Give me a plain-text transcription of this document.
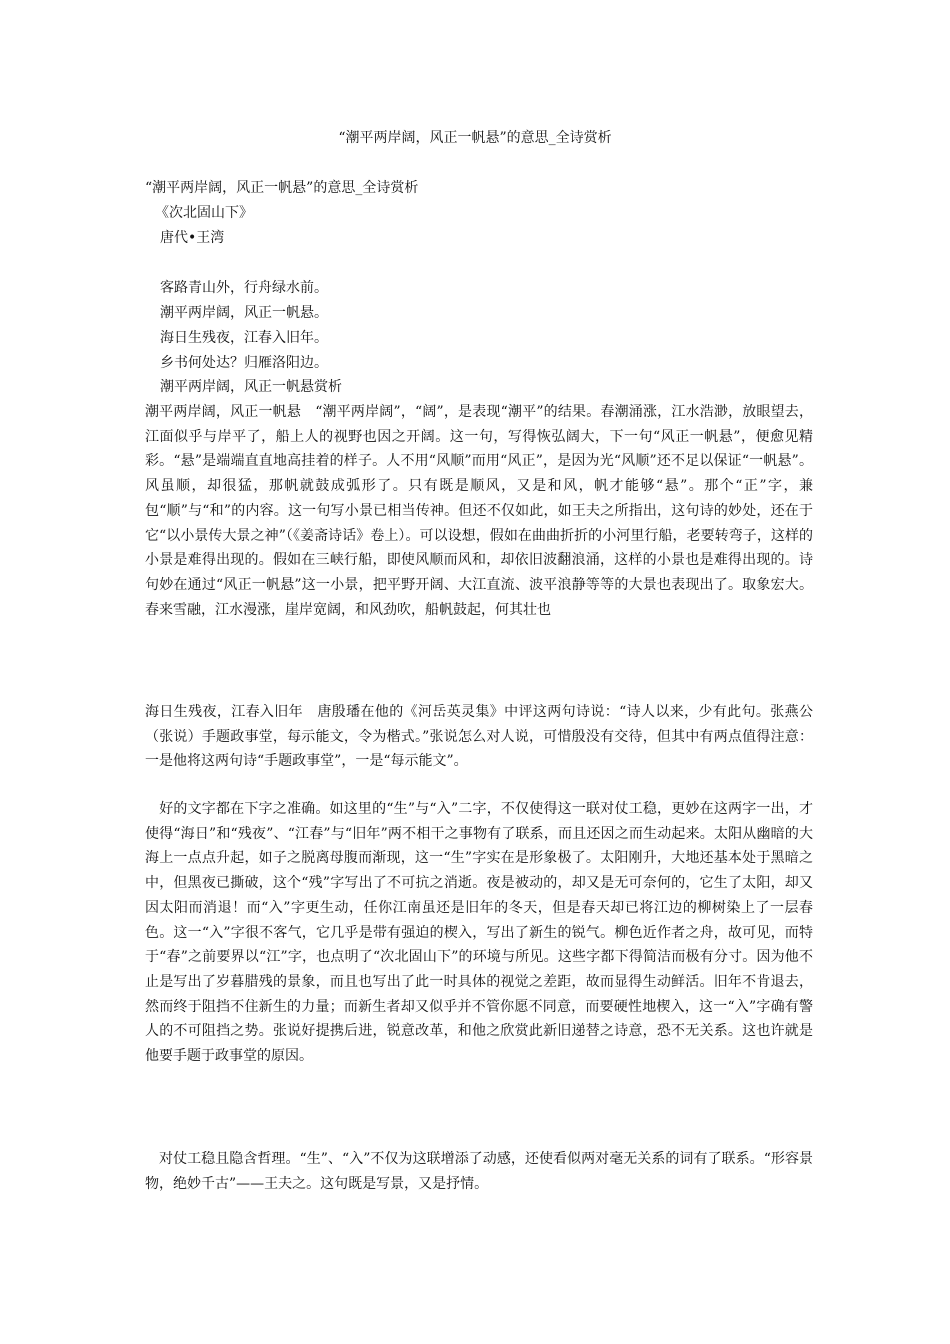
“潮平两岸阔，风正一帆悬”的意思_全诗赏析
“潮平两岸阔，风正一帆悬”的意思_全诗赏析
《次北固山下》
唐代•王湾
客路青山外，行舟绿水前。
潮平两岸阔，风正一帆悬。
海日生残夜，江春入旧年。
乡书何处达？归雁洛阳边。
潮平两岸阔，风正一帆悬赏析
潮平两岸阔，风正一帆悬　“潮平两岸阔”，“阔”，是表现“潮平”的结果。春潮涌涨，江水浩渺，放眼望去，江面似乎与岸平了，船上人的视野也因之开阔。这一句，写得恢弘阔大，下一句“风正一帆悬”，便愈见精彩。“悬”是端端直直地高挂着的样子。人不用“风顺”而用“风正”，是因为光“风顺”还不足以保证“一帆悬”。风虽顺，却很猛，那帆就鼓成弧形了。只有既是顺风，又是和风，帆才能够“悬”。那个“正”字，兼包“顺”与“和”的内容。这一句写小景已相当传神。但还不仅如此，如王夫之所指出，这句诗的妙处，还在于它“以小景传大景之神”（《姜斋诗话》卷上）。可以设想，假如在曲曲折折的小河里行船，老要转弯子，这样的小景是难得出现的。假如在三峡行船，即使风顺而风和，却依旧波翻浪涌，这样的小景也是难得出现的。诗句妙在通过“风正一帆悬”这一小景，把平野开阔、大江直流、波平浪静等等的大景也表现出了。取象宏大。春来雪融，江水漫涨，崖岸宽阔，和风劲吹，船帆鼓起，何其壮也
海日生残夜，江春入旧年　唐殷璠在他的《河岳英灵集》中评这两句诗说：“诗人以来，少有此句。张燕公（张说）手题政事堂，每示能文，令为楷式。”张说怎么对人说，可惜殷没有交待，但其中有两点值得注意：一是他将这两句诗“手题政事堂”，一是“每示能文”。
　好的文字都在下字之准确。如这里的“生”与“入”二字，不仅使得这一联对仗工稳，更妙在这两字一出，才使得“海日”和“残夜”、“江春”与“旧年”两不相干之事物有了联系，而且还因之而生动起来。太阳从幽暗的大海上一点点升起，如子之脱离母腹而渐现，这一“生”字实在是形象极了。太阳刚升，大地还基本处于黑暗之中，但黑夜已撕破，这个“残”字写出了不可抗之消逝。夜是被动的，却又是无可奈何的，它生了太阳，却又因太阳而消退！而“入”字更生动，任你江南虽还是旧年的冬天，但是春天却已将江边的柳树染上了一层春色。这一“入”字很不客气，它几乎是带有强迫的楔入，写出了新生的锐气。柳色近作者之舟，故可见，而特于“春”之前要界以“江”字，也点明了“次北固山下”的环境与所见。这些字都下得简洁而极有分寸。因为他不止是写出了岁暮腊残的景象，而且也写出了此一时具体的视觉之差距，故而显得生动鲜活。旧年不肯退去，然而终于阻挡不住新生的力量；而新生者却又似乎并不管你愿不同意，而要硬性地楔入，这一“入”字确有警人的不可阻挡之势。张说好提携后进，锐意改革，和他之欣赏此新旧递替之诗意，恐不无关系。这也许就是他要手题于政事堂的原因。
　对仗工稳且隐含哲理。“生”、“入”不仅为这联增添了动感，还使看似两对毫无关系的词有了联系。“形容景物，绝妙千古”——王夫之。这句既是写景，又是抒情。
